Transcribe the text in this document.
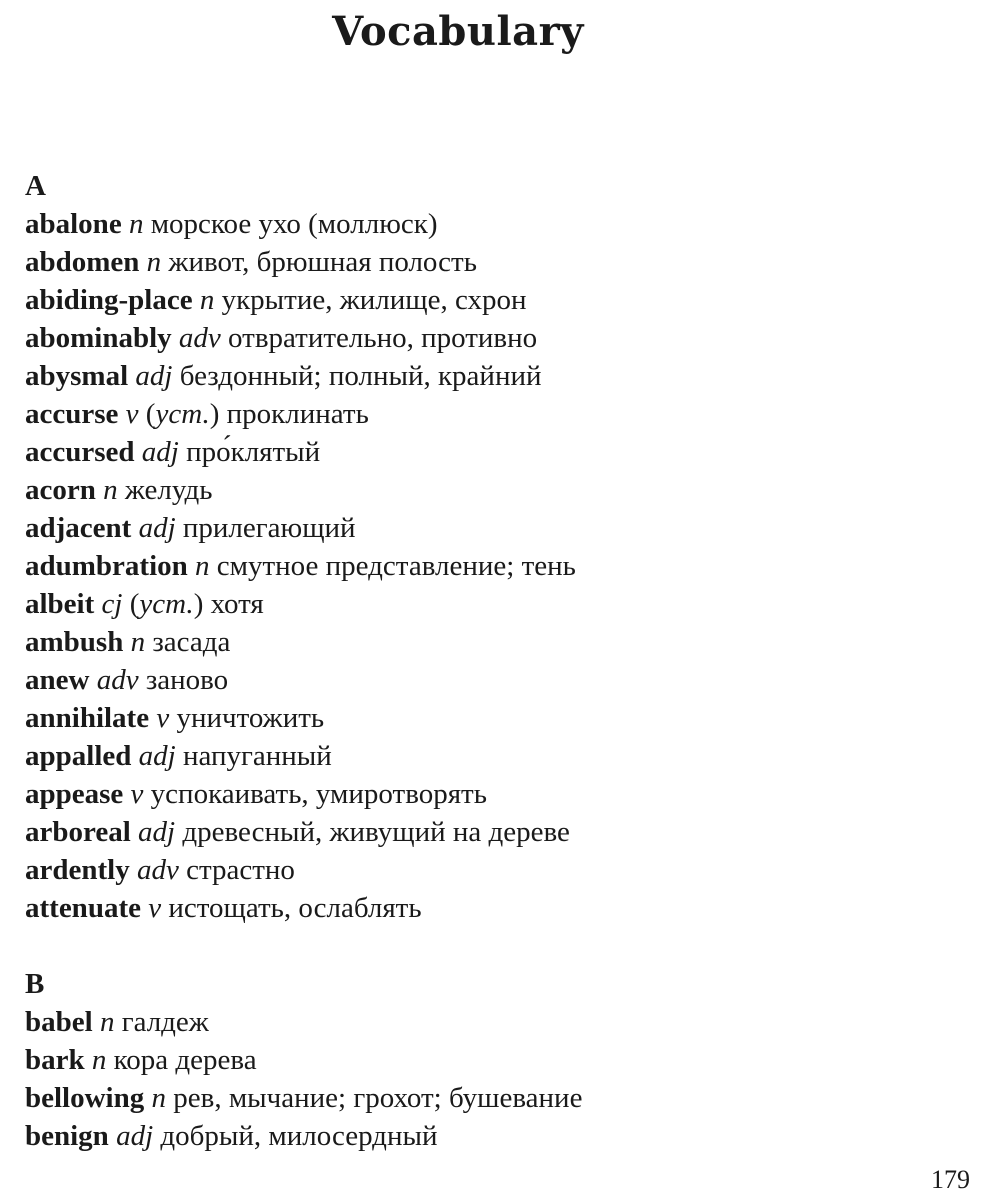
Vocabulary
A
abalone n морское ухо (моллюск)
abdomen n живот, брюшная полость
abiding-place n укрытие, жилище, схрон
abominably adv отвратительно, противно
abysmal adj бездонный; полный, крайний
accurse v (уст.) проклинать
accursed adj про́клятый
acorn n желудь
adjacent adj прилегающий
adumbration n смутное представление; тень
albeit cj (уст.) хотя
ambush n засада
anew adv заново
annihilate v уничтожить
appalled adj напуганный
appease v успокаивать, умиротворять
arboreal adj древесный, живущий на дереве
ardently adv страстно
attenuate v истощать, ослаблять
B
babel n галдеж
bark n кора дерева
bellowing n рев, мычание; грохот; бушевание
benign adj добрый, милосердный
179
